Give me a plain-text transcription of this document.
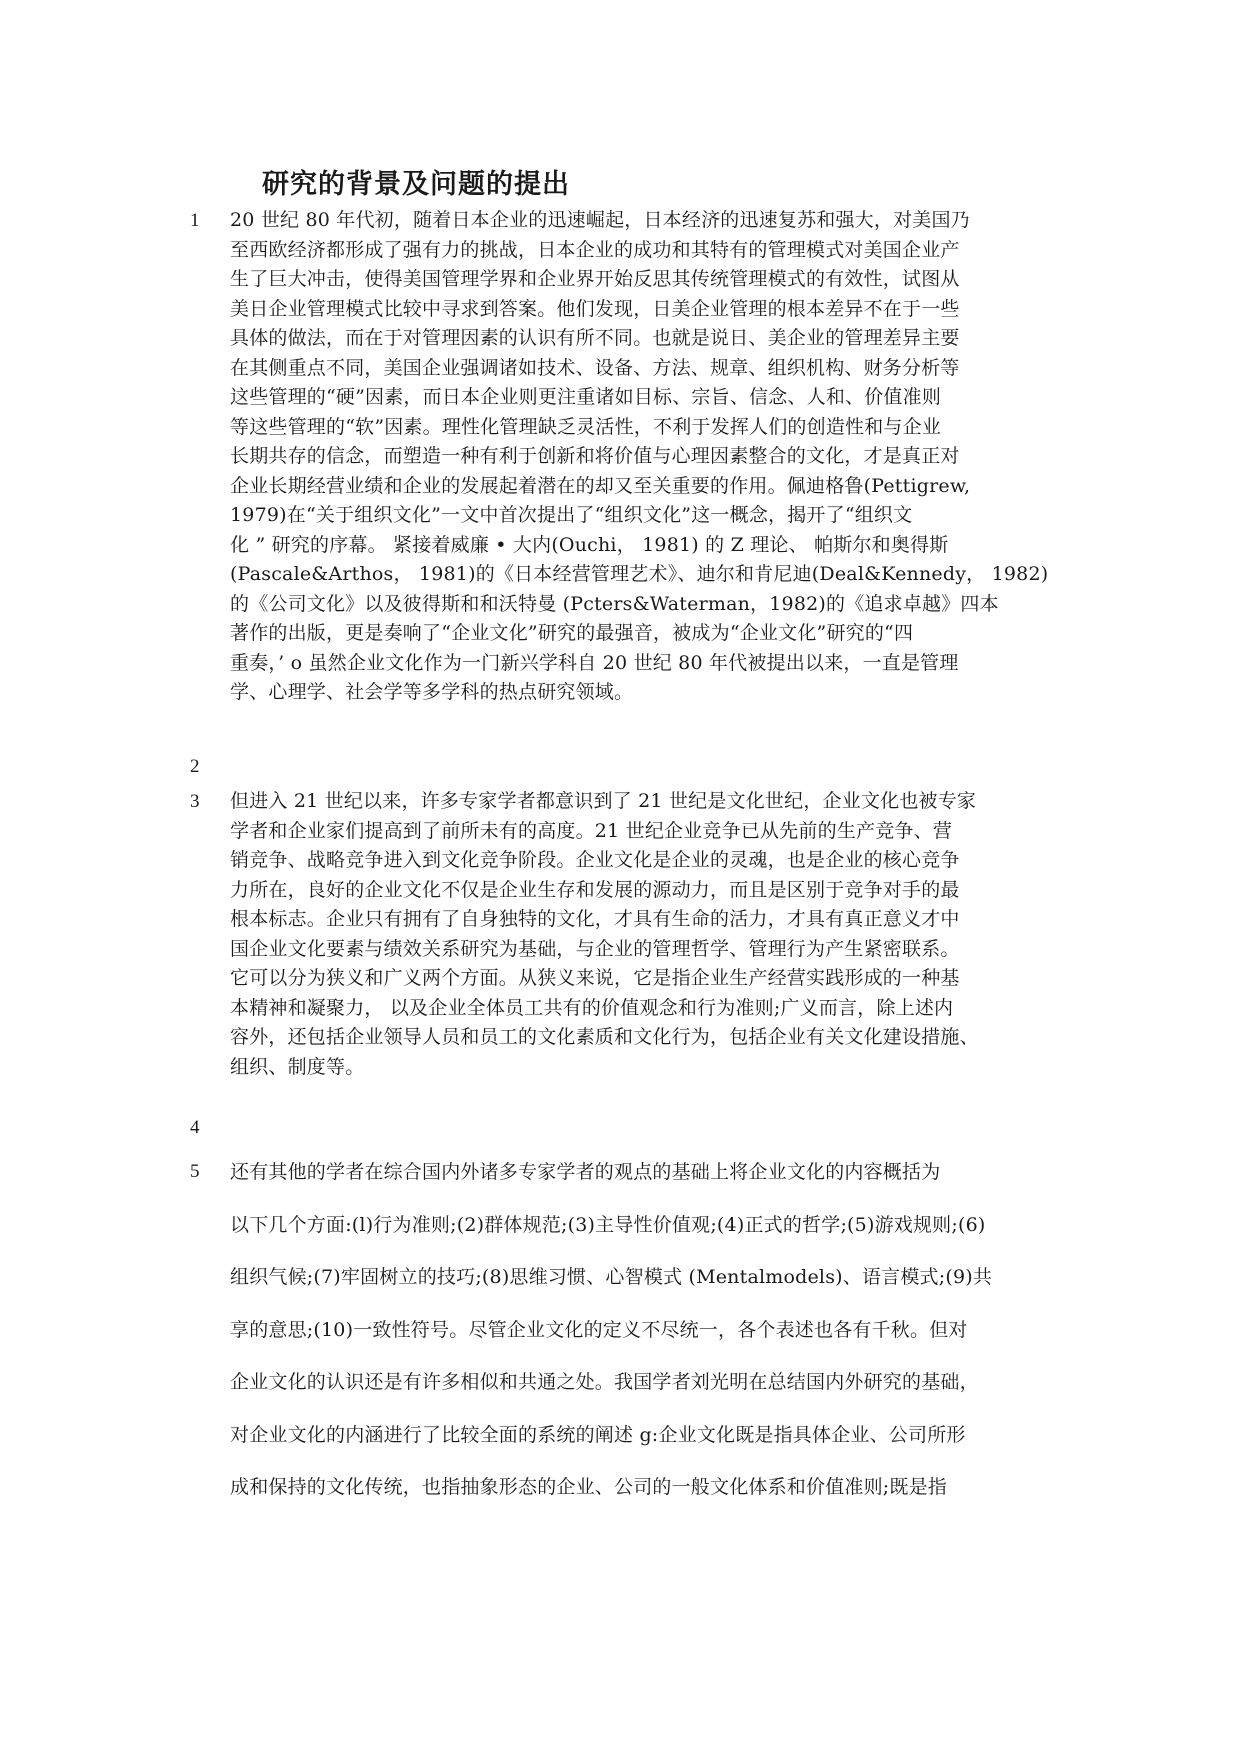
研究的背景及问题的提出
1	20 世纪 80 年代初，随着日本企业的迅速崛起，日本经济的迅速复苏和强大，对美国乃
至西欧经济都形成了强有力的挑战，日本企业的成功和其特有的管理模式对美国企业产
生了巨大冲击，使得美国管理学界和企业界开始反思其传统管理模式的有效性，试图从
美日企业管理模式比较中寻求到答案。他们发现，日美企业管理的根本差异不在于一些
具体的做法，而在于对管理因素的认识有所不同。也就是说日、美企业的管理差异主要
在其侧重点不同，美国企业强调诸如技术、设备、方法、规章、组织机构、财务分析等
这些管理的“硬”因素，而日本企业则更注重诸如目标、宗旨、信念、人和、价值准则
等这些管理的“软”因素。理性化管理缺乏灵活性，不利于发挥人们的创造性和与企业
长期共存的信念，而塑造一种有利于创新和将价值与心理因素整合的文化，才是真正对
企业长期经营业绩和企业的发展起着潜在的却又至关重要的作用。佩迪格鲁(Pettigrew,
1979)在“关于组织文化”一文中首次提出了“组织文化”这一概念，揭开了“组织文
化 ” 研究的序幕。 紧接着威廉 • 大内(Ouchi， 1981) 的 Z 理论、 帕斯尔和奥得斯
(Pascale&Arthos， 1981)的《日本经营管理艺术》、迪尔和肯尼迪(Deal&Kennedy， 1982)
的《公司文化》以及彼得斯和和沃特曼 (Pcters&Waterman，1982)的《追求卓越》四本
著作的出版，更是奏响了“企业文化”研究的最强音，被成为“企业文化”研究的“四
重奏，’ o 虽然企业文化作为一门新兴学科自 20 世纪 80 年代被提出以来，一直是管理
学、心理学、社会学等多学科的热点研究领域。
2
3	但进入 21 世纪以来，许多专家学者都意识到了 21 世纪是文化世纪，企业文化也被专家
学者和企业家们提高到了前所未有的高度。21 世纪企业竞争已从先前的生产竞争、营
销竞争、战略竞争进入到文化竞争阶段。企业文化是企业的灵魂，也是企业的核心竞争
力所在，良好的企业文化不仅是企业生存和发展的源动力，而且是区别于竞争对手的最
根本标志。企业只有拥有了自身独特的文化，才具有生命的活力，才具有真正意义才中
国企业文化要素与绩效关系研究为基础，与企业的管理哲学、管理行为产生紧密联系。
它可以分为狭义和广义两个方面。从狭义来说，它是指企业生产经营实践形成的一种基
本精神和凝聚力， 以及企业全体员工共有的价值观念和行为准则;广义而言，除上述内
容外，还包括企业领导人员和员工的文化素质和文化行为，包括企业有关文化建设措施、
组织、制度等。
4
5	还有其他的学者在综合国内外诸多专家学者的观点的基础上将企业文化的内容概括为
以下几个方面:(l)行为准则;(2)群体规范;(3)主导性价值观;(4)正式的哲学;(5)游戏规则;(6)
组织气候;(7)牢固树立的技巧;(8)思维习惯、心智模式 (Mentalmodels)、语言模式;(9)共
享的意思;(10)一致性符号。尽管企业文化的定义不尽统一，各个表述也各有千秋。但对
企业文化的认识还是有许多相似和共通之处。我国学者刘光明在总结国内外研究的基础，
对企业文化的内涵进行了比较全面的系统的阐述 g:企业文化既是指具体企业、公司所形
成和保持的文化传统，也指抽象形态的企业、公司的一般文化体系和价值准则;既是指
